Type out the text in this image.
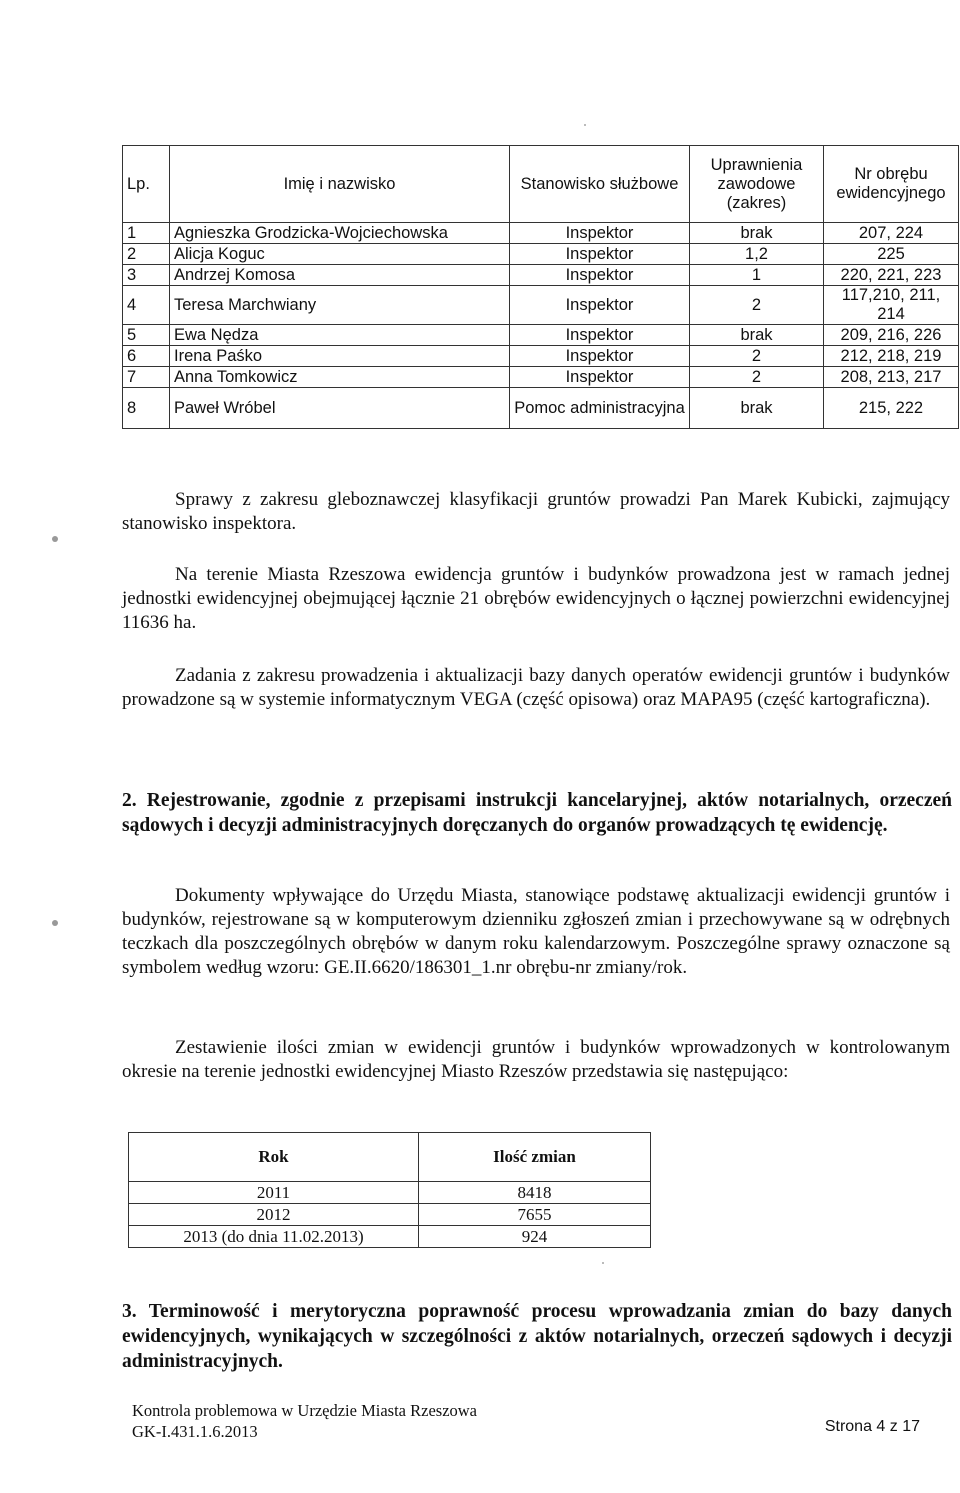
Lp.	Imię i nazwisko	Stanowisko służbowe	Uprawnienia zawodowe (zakres)	Nr obrębu ewidencyjnego
1	Agnieszka Grodzicka-Wojciechowska	Inspektor	brak	207, 224
2	Alicja Koguc	Inspektor	1,2	225
3	Andrzej Komosa	Inspektor	1	220, 221, 223
4	Teresa Marchwiany	Inspektor	2	117,210, 211, 214
5	Ewa Nędza	Inspektor	brak	209, 216, 226
6	Irena Paśko	Inspektor	2	212, 218, 219
7	Anna Tomkowicz	Inspektor	2	208, 213, 217
8	Paweł Wróbel	Pomoc administracyjna	brak	215, 222

Sprawy z zakresu gleboznawczej klasyfikacji gruntów prowadzi Pan Marek Kubicki, zajmujący stanowisko inspektora.

Na terenie Miasta Rzeszowa ewidencja gruntów i budynków prowadzona jest w ramach jednej jednostki ewidencyjnej obejmującej łącznie 21 obrębów ewidencyjnych o łącznej powierzchni ewidencyjnej 11636 ha.

Zadania z zakresu prowadzenia i aktualizacji bazy danych operatów ewidencji gruntów i budynków prowadzone są w systemie informatycznym VEGA (część opisowa) oraz MAPA95 (część kartograficzna).

2. Rejestrowanie, zgodnie z przepisami instrukcji kancelaryjnej, aktów notarialnych, orzeczeń sądowych i decyzji administracyjnych doręczanych do organów prowadzących tę ewidencję.

Dokumenty wpływające do Urzędu Miasta, stanowiące podstawę aktualizacji ewidencji gruntów i budynków, rejestrowane są w komputerowym dzienniku zgłoszeń zmian i przechowywane są w odrębnych teczkach dla poszczególnych obrębów w danym roku kalendarzowym. Poszczególne sprawy oznaczone są symbolem według wzoru: GE.II.6620/186301_1.nr obrębu-nr zmiany/rok.

Zestawienie ilości zmian w ewidencji gruntów i budynków wprowadzonych w kontrolowanym okresie na terenie jednostki ewidencyjnej Miasto Rzeszów przedstawia się następująco:

Rok	Ilość zmian
2011	8418
2012	7655
2013 (do dnia 11.02.2013)	924

3. Terminowość i merytoryczna poprawność procesu wprowadzania zmian do bazy danych ewidencyjnych, wynikających w szczególności z aktów notarialnych, orzeczeń sądowych i decyzji administracyjnych.

Kontrola problemowa w Urzędzie Miasta Rzeszowa
GK-I.431.1.6.2013	Strona 4 z 17
